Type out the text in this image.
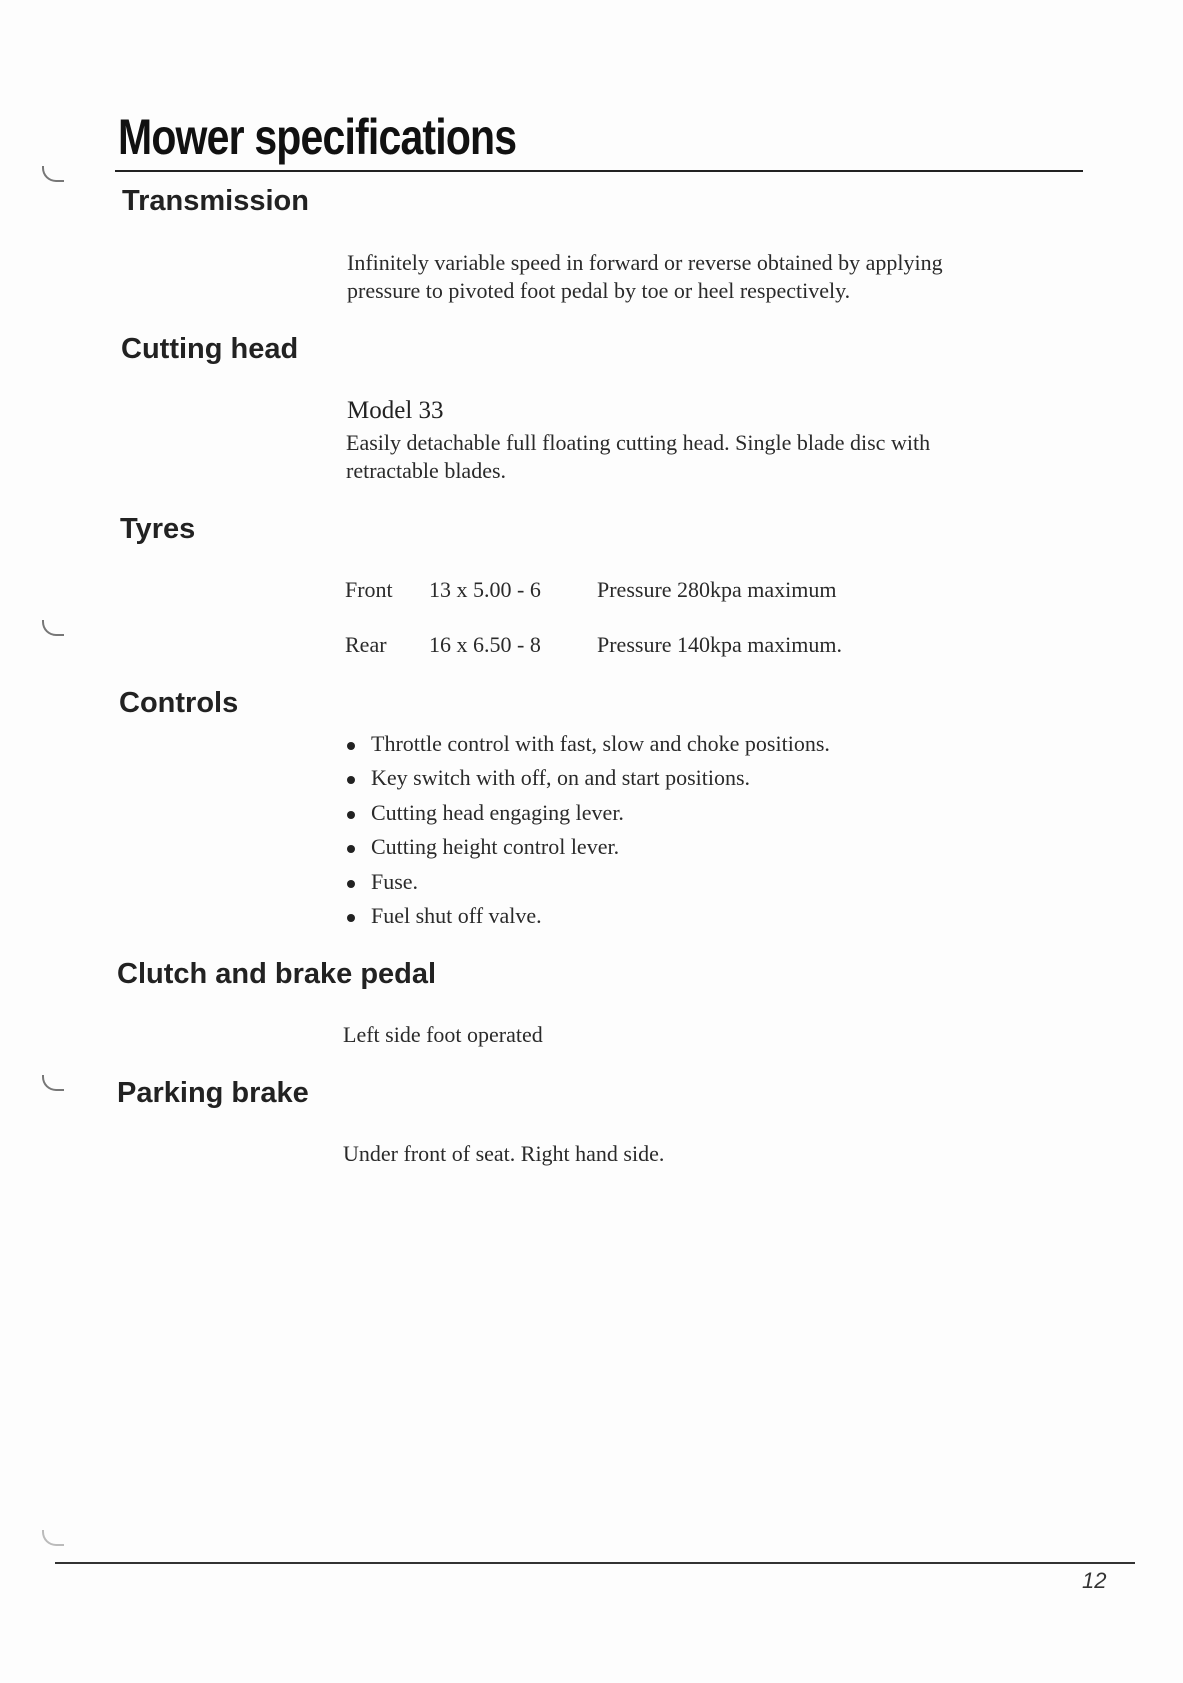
Mower specifications
Transmission

Infinitely variable speed in forward or reverse obtained by applying

pressure to pivoted foot pedal by toe or heel respectively.

Cutting head

Model 33

Easily detachable full floating cutting head. Single blade disc with

retractable blades.

Tyres
Front 13 x 5.00 - 6	Pressure 280kpa maximum
Rear 16 x 6.50 - 8	Pressure 140kpa maximum.
Controls
Throttle control with fast, slow and choke positions.
Key switch with off, on and start positions.
Cutting head engaging lever.
Cutting height control lever.
Fuse.
Fuel shut off valve.
Clutch and brake pedal

Left side foot operated

Parking brake

Under front of seat. Right hand side.

12
